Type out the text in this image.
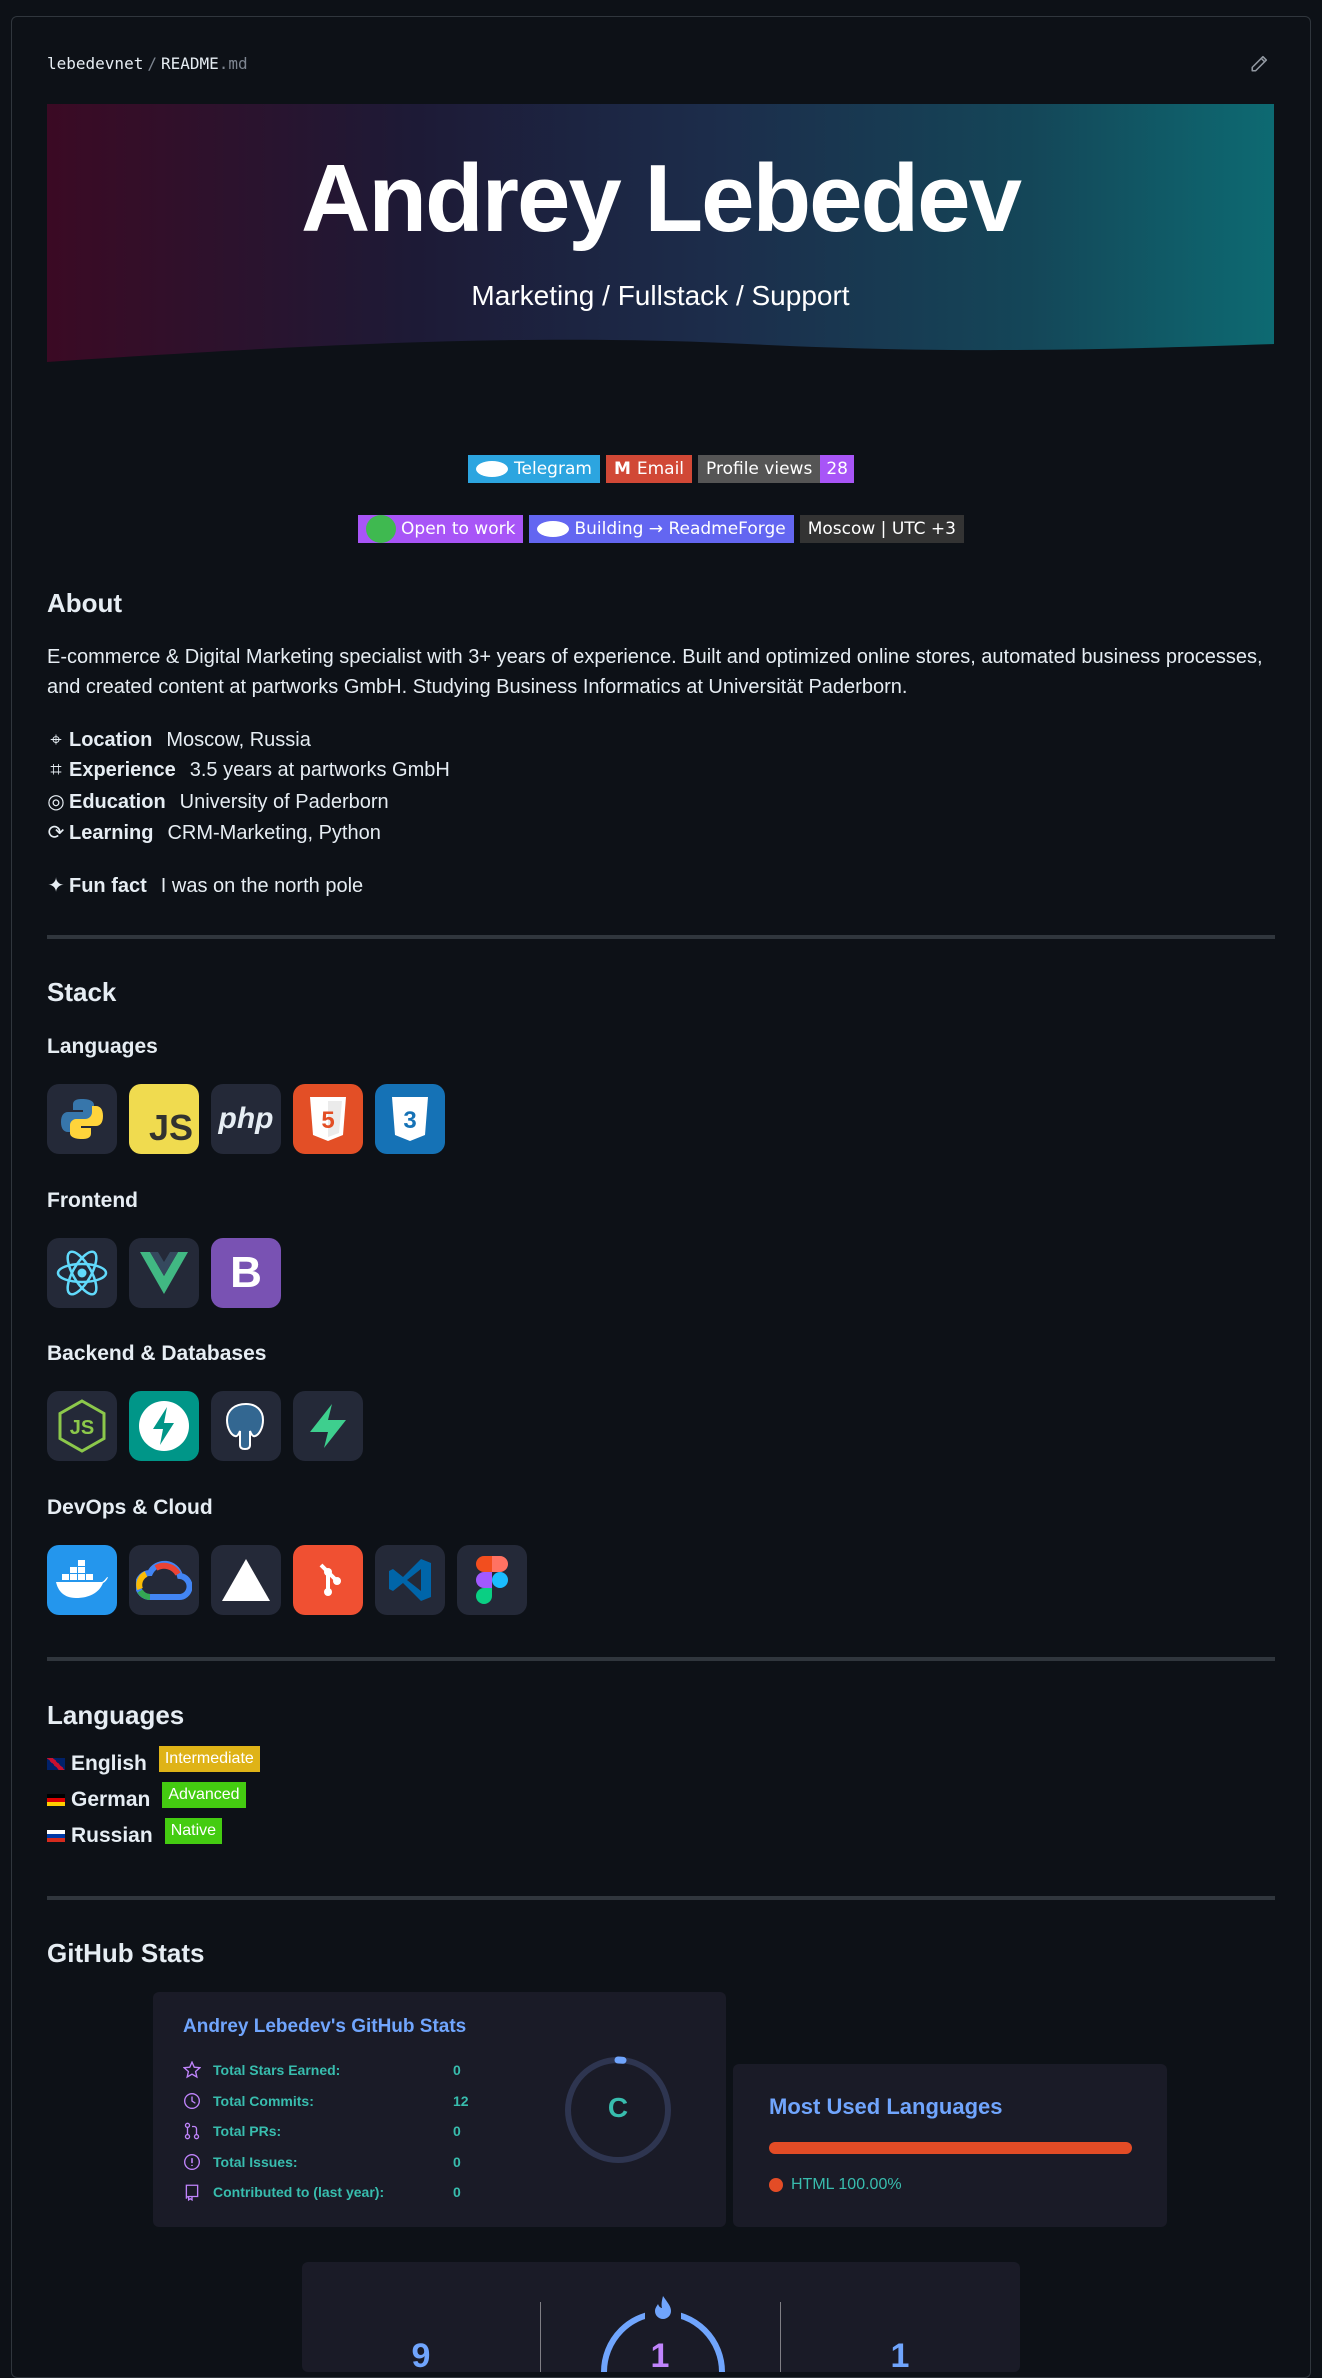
lebedevnet / README.md
Andrey Lebedev
Marketing / Fullstack / Support
Telegram
M Email
	Profile views 28
Open to work
	Building → ReadmeForge
	Moscow | UTC +3
About
E-commerce & Digital Marketing specialist with 3+ years of experience. Built and optimized online stores, automated business processes, and created content at partworks GmbH. Studying Business Informatics at Universität Paderborn.
⌖ Location Moscow, Russia
⌗ Experience 3.5 years at partworks GmbH
◎ Education University of Paderborn
⟳ Learning CRM-Marketing, Python
✦ Fun fact I was on the north pole
Stack
Languages
JS php 5	3
Frontend
B
Backend & Databases
JS
DevOps & Cloud
Languages
English	Intermediate
German	Advanced
Russian	Native
GitHub Stats
Andrey Lebedev's GitHub Stats
Total Stars Earned:	0
Total Commits:	12
Total PRs:	0
Total Issues:	0
Contributed to (last year):	0
C	Most Used Languages
HTML 100.00%
9	1	1
